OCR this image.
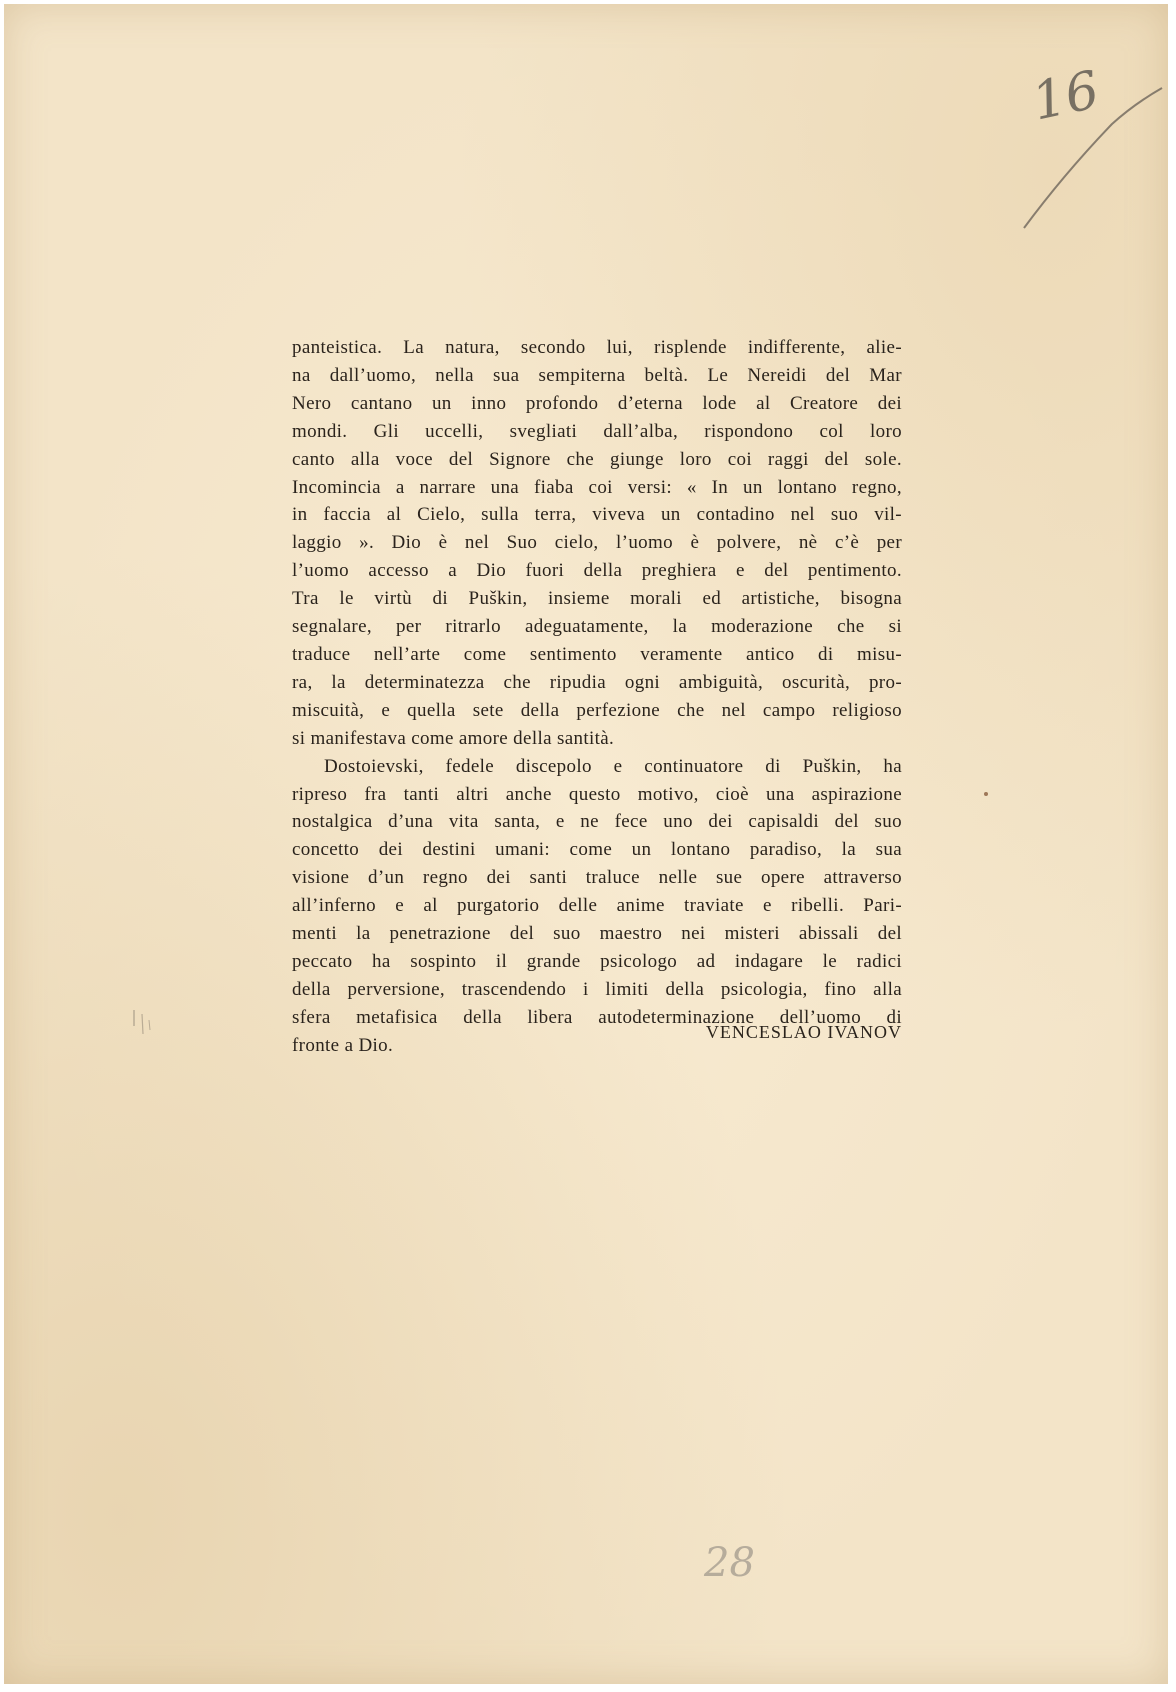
16
28
panteistica. La natura, secondo lui, risplende indifferente, alie-
na dall’uomo, nella sua sempiterna beltà. Le Nereidi del Mar
Nero cantano un inno profondo d’eterna lode al Creatore dei
mondi. Gli uccelli, svegliati dall’alba, rispondono col loro
canto alla voce del Signore che giunge loro coi raggi del sole.
Incomincia a narrare una fiaba coi versi: « In un lontano regno,
in faccia al Cielo, sulla terra, viveva un contadino nel suo vil-
laggio ». Dio è nel Suo cielo, l’uomo è polvere, nè c’è per
l’uomo accesso a Dio fuori della preghiera e del pentimento.
Tra le virtù di Puškin, insieme morali ed artistiche, bisogna
segnalare, per ritrarlo adeguatamente, la moderazione che si
traduce nell’arte come sentimento veramente antico di misu-
ra, la determinatezza che ripudia ogni ambiguità, oscurità, pro-
miscuità, e quella sete della perfezione che nel campo religioso
si manifestava come amore della santità.
Dostoievski, fedele discepolo e continuatore di Puškin, ha
ripreso fra tanti altri anche questo motivo, cioè una aspirazione
nostalgica d’una vita santa, e ne fece uno dei capisaldi del suo
concetto dei destini umani: come un lontano paradiso, la sua
visione d’un regno dei santi traluce nelle sue opere attraverso
all’inferno e al purgatorio delle anime traviate e ribelli. Pari-
menti la penetrazione del suo maestro nei misteri abissali del
peccato ha sospinto il grande psicologo ad indagare le radici
della perversione, trascendendo i limiti della psicologia, fino alla
sfera metafisica della libera autodeterminazione dell’uomo di
fronte a Dio.
VENCESLAO IVANOV
